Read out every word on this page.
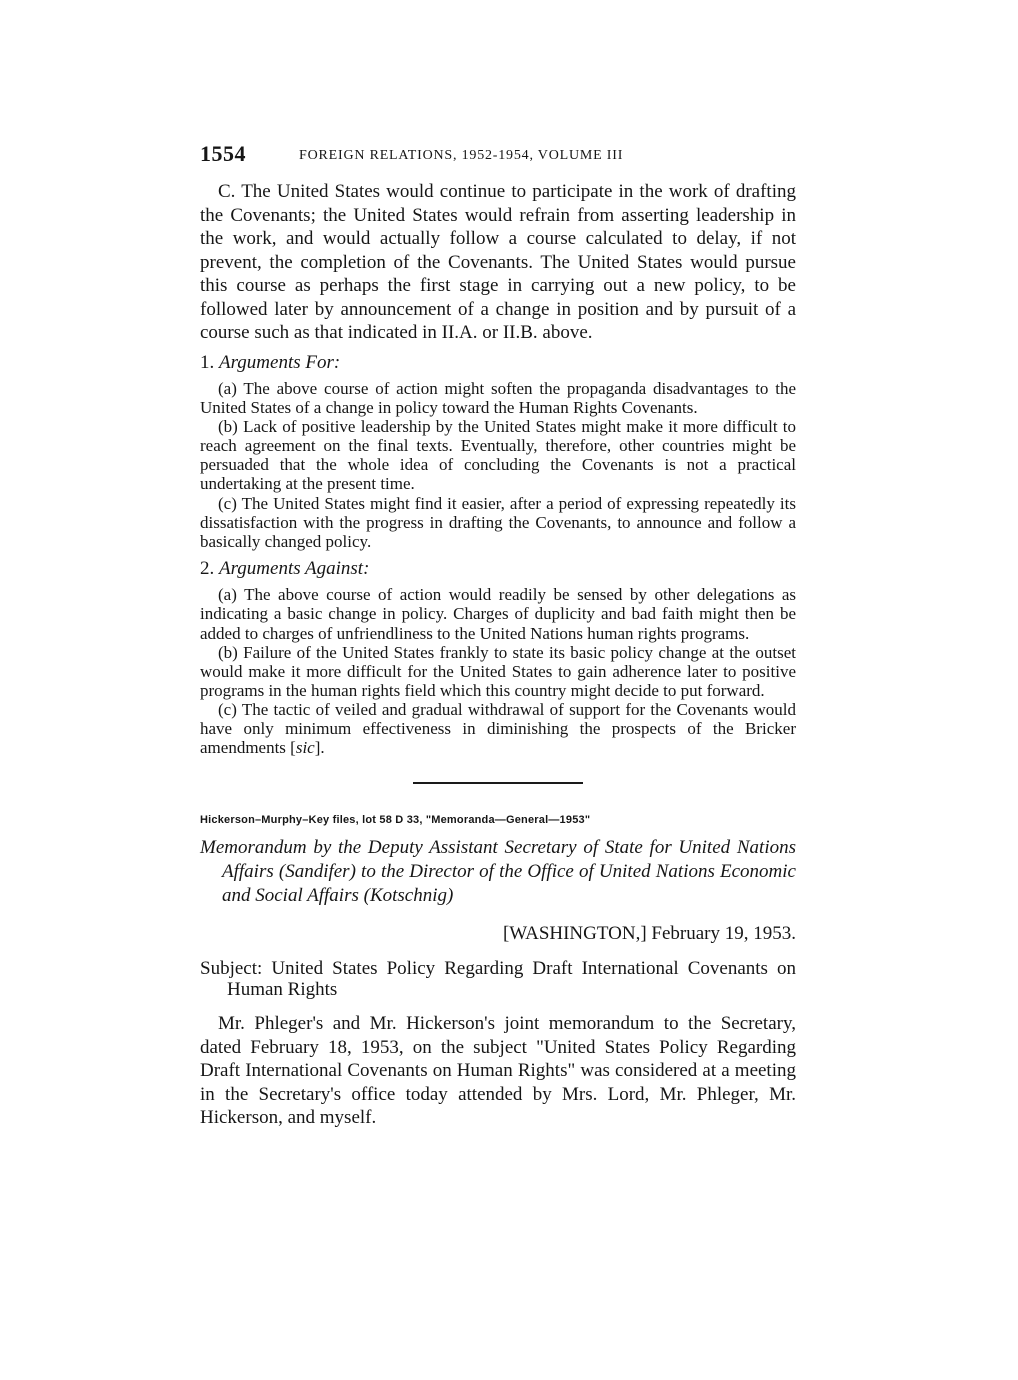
1554	FOREIGN RELATIONS, 1952-1954, VOLUME III

C. The United States would continue to participate in the work of drafting the Covenants; the United States would refrain from asserting leadership in the work, and would actually follow a course calculated to delay, if not prevent, the completion of the Covenants. The United States would pursue this course as perhaps the first stage in carrying out a new policy, to be followed later by announcement of a change in position and by pursuit of a course such as that indicated in II.A. or II.B. above.

1. Arguments For:

(a) The above course of action might soften the propaganda disadvantages to the United States of a change in policy toward the Human Rights Covenants.

(b) Lack of positive leadership by the United States might make it more difficult to reach agreement on the final texts. Eventually, therefore, other countries might be persuaded that the whole idea of concluding the Covenants is not a practical undertaking at the present time.

(c) The United States might find it easier, after a period of expressing repeatedly its dissatisfaction with the progress in drafting the Covenants, to announce and follow a basically changed policy.

2. Arguments Against:

(a) The above course of action would readily be sensed by other delegations as indicating a basic change in policy. Charges of duplicity and bad faith might then be added to charges of unfriendliness to the United Nations human rights programs.

(b) Failure of the United States frankly to state its basic policy change at the outset would make it more difficult for the United States to gain adherence later to positive programs in the human rights field which this country might decide to put forward.

(c) The tactic of veiled and gradual withdrawal of support for the Covenants would have only minimum effectiveness in diminishing the prospects of the Bricker amendments [sic].

Hickerson–Murphy–Key files, lot 58 D 33, "Memoranda—General—1953"

Memorandum by the Deputy Assistant Secretary of State for United Nations Affairs (Sandifer) to the Director of the Office of United Nations Economic and Social Affairs (Kotschnig)

[WASHINGTON,] February 19, 1953.

Subject: United States Policy Regarding Draft International Covenants on Human Rights

Mr. Phleger's and Mr. Hickerson's joint memorandum to the Secretary, dated February 18, 1953, on the subject "United States Policy Regarding Draft International Covenants on Human Rights" was considered at a meeting in the Secretary's office today attended by Mrs. Lord, Mr. Phleger, Mr. Hickerson, and myself.
